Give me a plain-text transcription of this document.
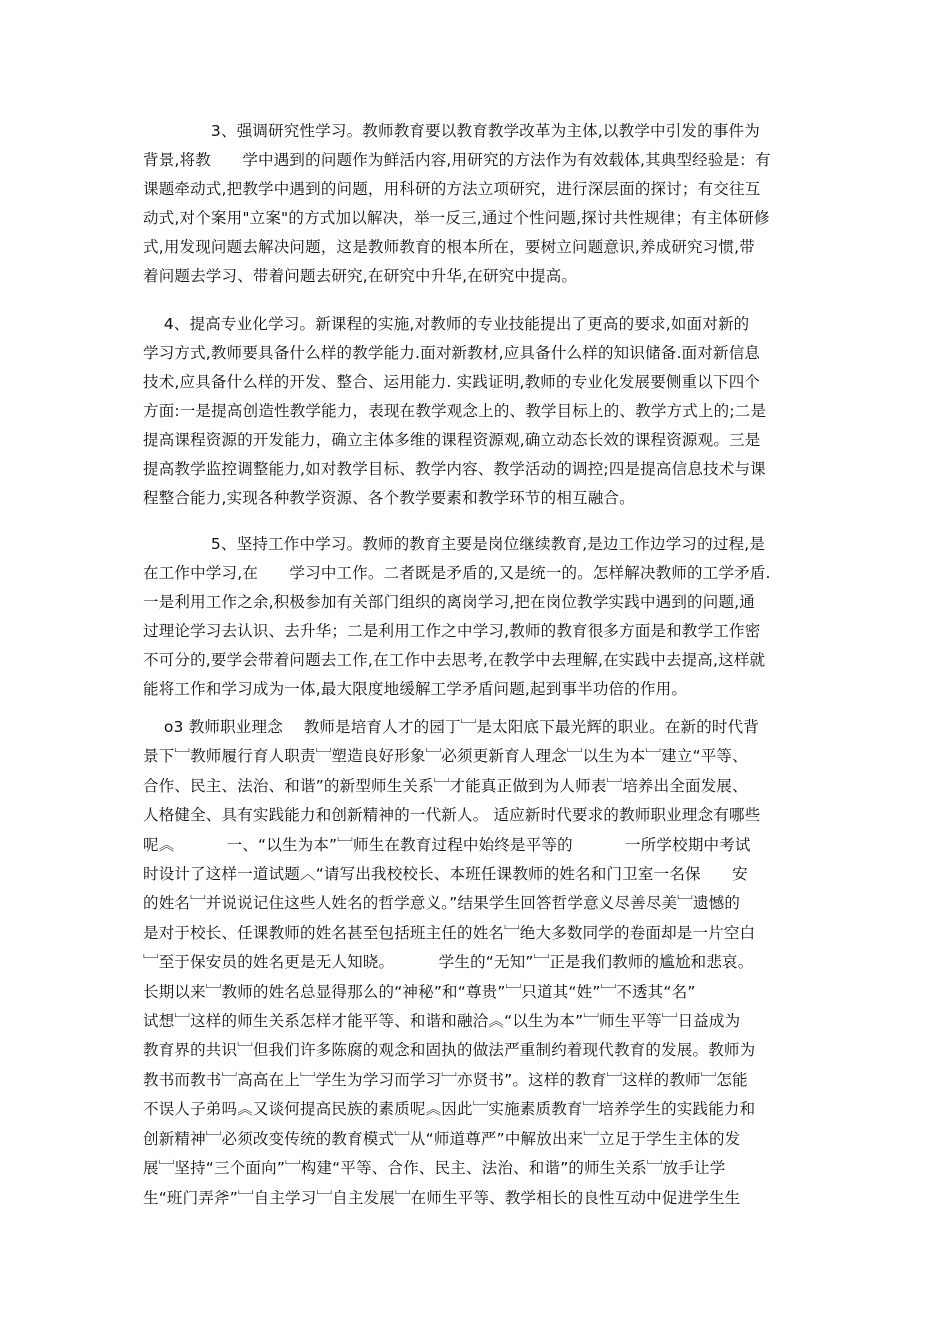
　　　　 3、强调研究性学习。教师教育要以教育教学改革为主体,以教学中引发的事件为
背景,将教　　学中遇到的问题作为鲜活内容,用研究的方法作为有效载体,其典型经验是：有
课题牵动式,把教学中遇到的问题，用科研的方法立项研究，进行深层面的探讨；有交往互
动式,对个案用"立案"的方式加以解决，举一反三,通过个性问题,探讨共性规律；有主体研修
式,用发现问题去解决问题，这是教师教育的根本所在，要树立问题意识,养成研究习惯,带
着问题去学习、带着问题去研究,在研究中升华,在研究中提高。
　 4、提高专业化学习。新课程的实施,对教师的专业技能提出了更高的要求,如面对新的
学习方式,教师要具备什么样的教学能力.面对新教材,应具备什么样的知识储备.面对新信息
技术,应具备什么样的开发、整合、运用能力. 实践证明,教师的专业化发展要侧重以下四个
方面:一是提高创造性教学能力，表现在教学观念上的、教学目标上的、教学方式上的;二是
提高课程资源的开发能力，确立主体多维的课程资源观,确立动态长效的课程资源观。三是
提高教学监控调整能力,如对教学目标、教学内容、教学活动的调控;四是提高信息技术与课
程整合能力,实现各种教学资源、各个教学要素和教学环节的相互融合。
　　　　 5、坚持工作中学习。教师的教育主要是岗位继续教育,是边工作边学习的过程,是
在工作中学习,在　　学习中工作。二者既是矛盾的,又是统一的。怎样解决教师的工学矛盾.
一是利用工作之余,积极参加有关部门组织的离岗学习,把在岗位教学实践中遇到的问题,通
过理论学习去认识、去升华；二是利用工作之中学习,教师的教育很多方面是和教学工作密
不可分的,要学会带着问题去工作,在工作中去思考,在教学中去理解,在实践中去提高,这样就
能将工作和学习成为一体,最大限度地缓解工学矛盾问题,起到事半功倍的作用。
　 ο3 教师职业理念　 教师是培育人才的园丁﹈是太阳底下最光辉的职业。在新的时代背
景下﹈教师履行育人职责﹈塑造良好形象﹈必须更新育人理念﹈以生为本﹈建立“平等、
合作、民主、法治、和谐”的新型师生关系﹈才能真正做到为人师表﹈培养出全面发展、
人格健全、具有实践能力和创新精神的一代新人。 适应新时代要求的教师职业理念有哪些
呢︽　　　 一、“以生为本”﹈师生在教育过程中始终是平等的　　　 一所学校期中考试
时设计了这样一道试题︿“请写出我校校长、本班任课教师的姓名和门卫室一名保　　安
的姓名﹈并说说记住这些人姓名的哲学意义。”结果学生回答哲学意义尽善尽美﹈遗憾的
是对于校长、任课教师的姓名甚至包括班主任的姓名﹈绝大多数同学的卷面却是一片空白
﹈至于保安员的姓名更是无人知晓。　　　 学生的“无知”﹈正是我们教师的尴尬和悲哀。
长期以来﹈教师的姓名总显得那么的“神秘”和“尊贵”﹈只道其“姓”﹈不透其“名”
试想﹈这样的师生关系怎样才能平等、和谐和融洽︽“以生为本”﹈师生平等﹈日益成为
教育界的共识﹈但我们许多陈腐的观念和固执的做法严重制约着现代教育的发展。教师为
教书而教书﹈高高在上﹈学生为学习而学习﹈亦贤书”。这样的教育﹈这样的教师﹈怎能
不误人子弟吗︽又谈何提高民族的素质呢︽因此﹈实施素质教育﹈培养学生的实践能力和
创新精神﹈必须改变传统的教育模式﹈从“师道尊严”中解放出来﹈立足于学生主体的发
展﹈坚持“三个面向”﹈构建“平等、合作、民主、法治、和谐”的师生关系﹈放手让学
生“班门弄斧”﹈自主学习﹈自主发展﹈在师生平等、教学相长的良性互动中促进学生生
